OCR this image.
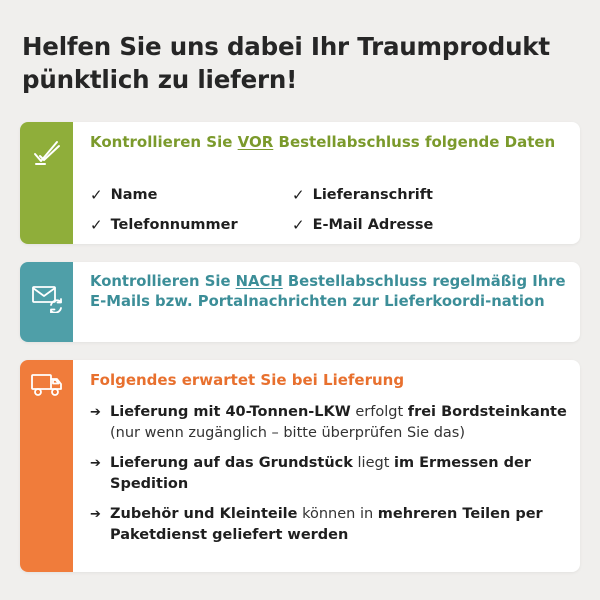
Helfen Sie uns dabei Ihr Traumprodukt pünktlich zu liefern!

Kontrollieren Sie VOR Bestellabschluss folgende Daten

✓ Name	✓ Lieferanschrift
✓ Telefonnummer	✓ E-Mail Adresse

Kontrollieren Sie NACH Bestellabschluss regelmäßig Ihre E-Mails bzw. Portalnachrichten zur Lieferkoordi-nation

Folgendes erwartet Sie bei Lieferung

➔ Lieferung mit 40-Tonnen-LKW erfolgt frei Bordsteinkante (nur wenn zugänglich – bitte überprüfen Sie das)
➔ Lieferung auf das Grundstück liegt im Ermessen der Spedition
➔ Zubehör und Kleinteile können in mehreren Teilen per Paketdienst geliefert werden
